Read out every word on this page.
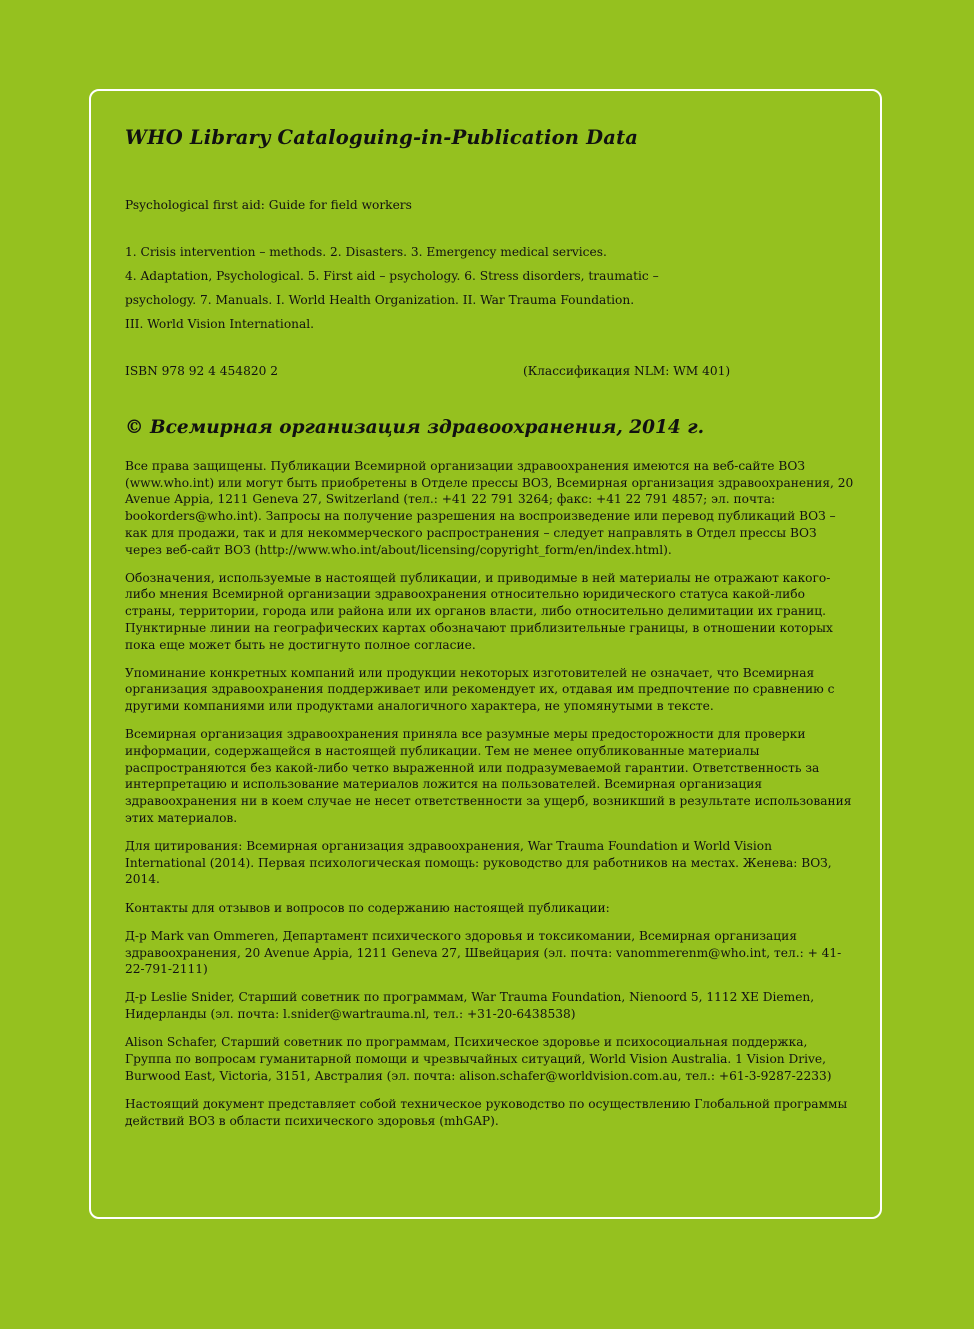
WHO Library Cataloguing-in-Publication Data

Psychological first aid: Guide for field workers

1. Crisis intervention – methods. 2. Disasters. 3. Emergency medical services.

4. Adaptation, Psychological. 5. First aid – psychology. 6. Stress disorders, traumatic –

psychology. 7. Manuals. I. World Health Organization. II. War Trauma Foundation.

III. World Vision International.

ISBN 978 92 4 454820 2	(Классификация NLM: WM 401)
© Всемирная организация здравоохранения, 2014 г.

Все права защищены. Публикации Всемирной организации здравоохранения имеются на веб-сайте ВОЗ (www.who.int) или могут быть приобретены в Отделе прессы ВОЗ, Всемирная организация здравоохранения, 20 Avenue Appia, 1211 Geneva 27, Switzerland (тел.: +41 22 791 3264; факс: +41 22 791 4857; эл. почта: bookorders@who.int). Запросы на получение разрешения на воспроизведение или перевод публикаций ВОЗ – как для продажи, так и для некоммерческого распространения – следует направлять в Отдел прессы ВОЗ через веб-сайт ВОЗ (http://www.who.int/about/licensing/copyright_form/en/index.html).

Обозначения, используемые в настоящей публикации, и приводимые в ней материалы не отражают какого-либо мнения Всемирной организации здравоохранения относительно юридического статуса какой-либо страны, территории, города или района или их органов власти, либо относительно делимитации их границ. Пунктирные линии на географических картах обозначают приблизительные границы, в отношении которых пока еще может быть не достигнуто полное согласие.

Упоминание конкретных компаний или продукции некоторых изготовителей не означает, что Всемирная организация здравоохранения поддерживает или рекомендует их, отдавая им предпочтение по сравнению с другими компаниями или продуктами аналогичного характера, не упомянутыми в тексте.

Всемирная организация здравоохранения приняла все разумные меры предосторожности для проверки информации, содержащейся в настоящей публикации. Тем не менее опубликованные материалы распространяются без какой-либо четко выраженной или подразумеваемой гарантии. Ответственность за интерпретацию и использование материалов ложится на пользователей. Всемирная организация здравоохранения ни в коем случае не несет ответственности за ущерб, возникший в результате использования этих материалов.

Для цитирования: Всемирная организация здравоохранения, War Trauma Foundation и World Vision International (2014). Первая психологическая помощь: руководство для работников на местах. Женева: ВОЗ, 2014.

Контакты для отзывов и вопросов по содержанию настоящей публикации:

Д-р Mark van Ommeren, Департамент психического здоровья и токсикомании, Всемирная организация здравоохранения, 20 Avenue Appia, 1211 Geneva 27, Швейцария (эл. почта: vanommerenm@who.int, тел.: + 41-22-791-2111)

Д-р Leslie Snider, Старший советник по программам, War Trauma Foundation, Nienoord 5, 1112 XE Diemen, Нидерланды (эл. почта: l.snider@wartrauma.nl, тел.: +31-20-6438538)

Alison Schafer, Старший советник по программам, Психическое здоровье и психосоциальная поддержка, Группа по вопросам гуманитарной помощи и чрезвычайных ситуаций, World Vision Australia. 1 Vision Drive, Burwood East, Victoria, 3151, Австралия (эл. почта: alison.schafer@worldvision.com.au, тел.: +61-3-9287-2233)

Настоящий документ представляет собой техническое руководство по осуществлению Глобальной программы действий ВОЗ в области психического здоровья (mhGAP).
